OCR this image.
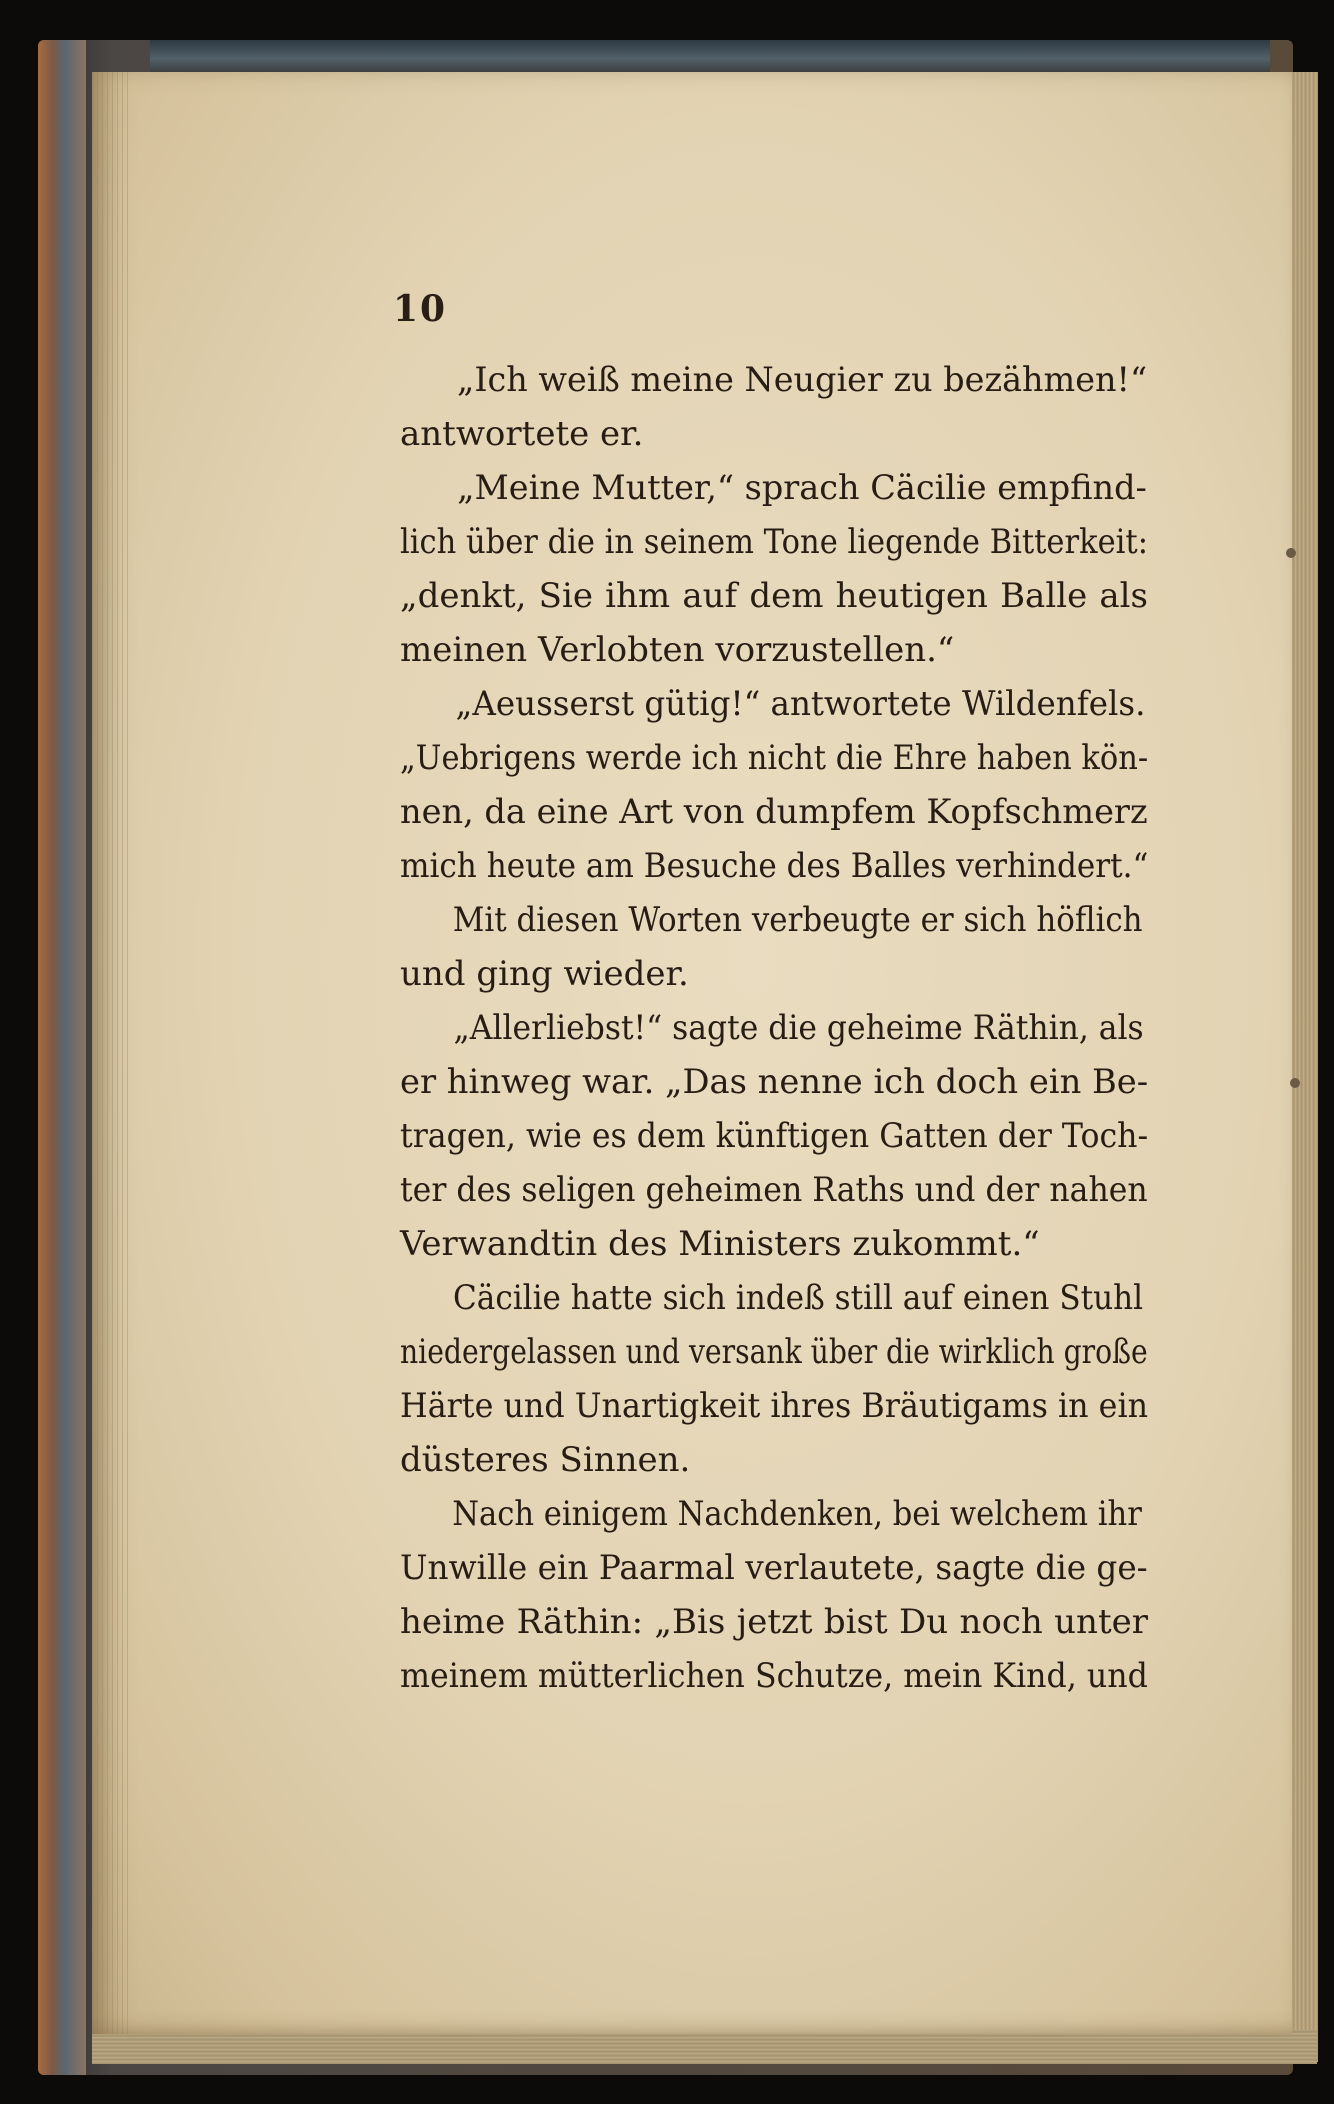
10
„Ich weiß meine Neugier zu bezähmen!“
antwortete er.
„Meine Mutter,“ sprach Cäcilie empfind-
lich über die in seinem Tone liegende Bitterkeit:
„denkt, Sie ihm auf dem heutigen Balle als
meinen Verlobten vorzustellen.“
„Aeusserst gütig!“ antwortete Wildenfels.
„Uebrigens werde ich nicht die Ehre haben kön-
nen, da eine Art von dumpfem Kopfschmerz
mich heute am Besuche des Balles verhindert.“
Mit diesen Worten verbeugte er sich höflich
und ging wieder.
„Allerliebst!“ sagte die geheime Räthin, als
er hinweg war. „Das nenne ich doch ein Be-
tragen, wie es dem künftigen Gatten der Toch-
ter des seligen geheimen Raths und der nahen
Verwandtin des Ministers zukommt.“
Cäcilie hatte sich indeß still auf einen Stuhl
niedergelassen und versank über die wirklich große
Härte und Unartigkeit ihres Bräutigams in ein
düsteres Sinnen.
Nach einigem Nachdenken, bei welchem ihr
Unwille ein Paarmal verlautete, sagte die ge-
heime Räthin: „Bis jetzt bist Du noch unter
meinem mütterlichen Schutze, mein Kind, und
